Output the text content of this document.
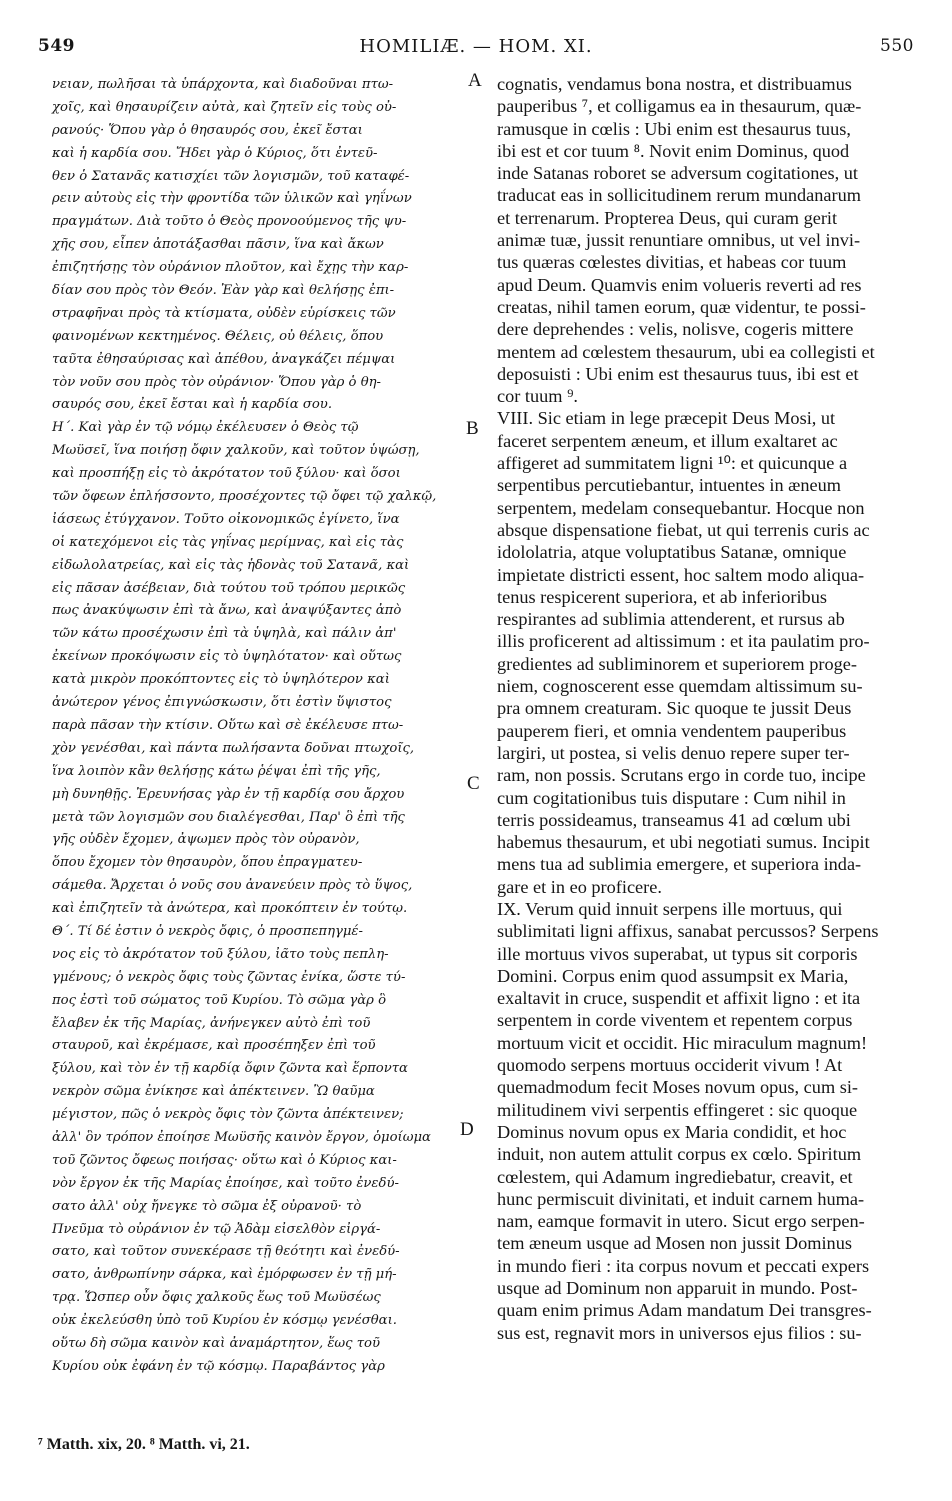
549	HOMILIÆ. — HOM. XI.	550
νειαν, πωλῆσαι τὰ ὑπάρχοντα, καὶ διαδοῦναι πτω-
χοῖς, καὶ θησαυρίζειν αὐτὰ, καὶ ζητεῖν εἰς τοὺς οὐ-
ρανούς· Ὅπου γὰρ ὁ θησαυρός σου, ἐκεῖ ἔσται
καὶ ἡ καρδία σου. Ἤδει γὰρ ὁ Κύριος, ὅτι ἐντεῦ-
θεν ὁ Σατανᾶς κατισχίει τῶν λογισμῶν, τοῦ καταφέ-
ρειν αὐτοὺς εἰς τὴν φροντίδα τῶν ὑλικῶν καὶ γηΐνων
πραγμάτων. Διὰ τοῦτο ὁ Θεὸς προνοούμενος τῆς ψυ-
χῆς σου, εἶπεν ἀποτάξασθαι πᾶσιν, ἵνα καὶ ἄκων
ἐπιζητήσῃς τὸν οὐράνιον πλοῦτον, καὶ ἔχῃς τὴν καρ-
δίαν σου πρὸς τὸν Θεόν. Ἐὰν γὰρ καὶ θελήσῃς ἐπι-
στραφῆναι πρὸς τὰ κτίσματα, οὐδὲν εὑρίσκεις τῶν
φαινομένων κεκτημένος. Θέλεις, οὐ θέλεις, ὅπου
ταῦτα ἐθησαύρισας καὶ ἀπέθου, ἀναγκάζει πέμψαι
τὸν νοῦν σου πρὸς τὸν οὐράνιον· Ὅπου γὰρ ὁ θη-
σαυρός σου, ἐκεῖ ἔσται καὶ ἡ καρδία σου.
Η΄. Καὶ γὰρ ἐν τῷ νόμῳ ἐκέλευσεν ὁ Θεὸς τῷ
Μωϋσεῖ, ἵνα ποιήσῃ ὄφιν χαλκοῦν, καὶ τοῦτον ὑψώσῃ,
καὶ προσπήξῃ εἰς τὸ ἀκρότατον τοῦ ξύλου· καὶ ὅσοι
τῶν ὄφεων ἐπλήσσοντο, προσέχοντες τῷ ὄφει τῷ χαλκῷ,
ἰάσεως ἐτύγχανον. Τοῦτο οἰκονομικῶς ἐγίνετο, ἵνα
οἱ κατεχόμενοι εἰς τὰς γηΐνας μερίμνας, καὶ εἰς τὰς
εἰδωλολατρείας, καὶ εἰς τὰς ἡδονὰς τοῦ Σατανᾶ, καὶ
εἰς πᾶσαν ἀσέβειαν, διὰ τούτου τοῦ τρόπου μερικῶς
πως ἀνακύψωσιν ἐπὶ τὰ ἄνω, καὶ ἀναψύξαντες ἀπὸ
τῶν κάτω προσέχωσιν ἐπὶ τὰ ὑψηλὰ, καὶ πάλιν ἀπ'
ἐκείνων προκόψωσιν εἰς τὸ ὑψηλότατον· καὶ οὕτως
κατὰ μικρὸν προκόπτοντες εἰς τὸ ὑψηλότερον καὶ
ἀνώτερον γένος ἐπιγνώσκωσιν, ὅτι ἐστὶν ὕψιστος
παρὰ πᾶσαν τὴν κτίσιν. Οὕτω καὶ σὲ ἐκέλευσε πτω-
χὸν γενέσθαι, καὶ πάντα πωλήσαντα δοῦναι πτωχοῖς,
ἵνα λοιπὸν κἂν θελήσῃς κάτω ῥέψαι ἐπὶ τῆς γῆς,
μὴ δυνηθῇς. Ἐρευνήσας γὰρ ἐν τῇ καρδίᾳ σου ἄρχου
μετὰ τῶν λογισμῶν σου διαλέγεσθαι, Παρ' ὃ ἐπὶ τῆς
γῆς οὐδὲν ἔχομεν, ἀψωμεν πρὸς τὸν οὐρανὸν,
ὅπου ἔχομεν τὸν θησαυρὸν, ὅπου ἐπραγματευ-
σάμεθα. Ἄρχεται ὁ νοῦς σου ἀνανεύειν πρὸς τὸ ὕψος,
καὶ ἐπιζητεῖν τὰ ἀνώτερα, καὶ προκόπτειν ἐν τούτῳ.
Θ΄. Τί δέ ἐστιν ὁ νεκρὸς ὄφις, ὁ προσπεπηγμέ-
νος εἰς τὸ ἀκρότατον τοῦ ξύλου, ἰᾶτο τοὺς πεπλη-
γμένους; ὁ νεκρὸς ὄφις τοὺς ζῶντας ἐνίκα, ὥστε τύ-
πος ἐστὶ τοῦ σώματος τοῦ Κυρίου. Τὸ σῶμα γὰρ ὃ
ἔλαβεν ἐκ τῆς Μαρίας, ἀνήνεγκεν αὐτὸ ἐπὶ τοῦ
σταυροῦ, καὶ ἐκρέμασε, καὶ προσέπηξεν ἐπὶ τοῦ
ξύλου, καὶ τὸν ἐν τῇ καρδίᾳ ὄφιν ζῶντα καὶ ἕρποντα
νεκρὸν σῶμα ἐνίκησε καὶ ἀπέκτεινεν. Ὢ θαῦμα
μέγιστον, πῶς ὁ νεκρὸς ὄφις τὸν ζῶντα ἀπέκτεινεν;
ἀλλ' ὃν τρόπον ἐποίησε Μωϋσῆς καινὸν ἔργον, ὁμοίωμα
τοῦ ζῶντος ὄφεως ποιήσας· οὕτω καὶ ὁ Κύριος και-
νὸν ἔργον ἐκ τῆς Μαρίας ἐποίησε, καὶ τοῦτο ἐνεδύ-
σατο ἀλλ' οὐχ ἤνεγκε τὸ σῶμα ἐξ οὐρανοῦ· τὸ
Πνεῦμα τὸ οὐράνιον ἐν τῷ Ἀδὰμ εἰσελθὸν εἰργά-
σατο, καὶ τοῦτον συνεκέρασε τῇ θεότητι καὶ ἐνεδύ-
σατο, ἀνθρωπίνην σάρκα, καὶ ἐμόρφωσεν ἐν τῇ μή-
τρᾳ. Ὥσπερ οὖν ὄφις χαλκοῦς ἕως τοῦ Μωϋσέως
οὐκ ἐκελεύσθη ὑπὸ τοῦ Κυρίου ἐν κόσμῳ γενέσθαι.
οὕτω δὴ σῶμα καινὸν καὶ ἀναμάρτητον, ἕως τοῦ
Κυρίου οὐκ ἐφάνη ἐν τῷ κόσμῳ. Παραβάντος γὰρ
A
B
C
D
cognatis, vendamus bona nostra, et distribuamus
pauperibus ⁷, et colligamus ea in thesaurum, quæ-
ramusque in cœlis : Ubi enim est thesaurus tuus,
ibi est et cor tuum ⁸. Novit enim Dominus, quod
inde Satanas roboret se adversum cogitationes, ut
traducat eas in sollicitudinem rerum mundanarum
et terrenarum. Propterea Deus, qui curam gerit
animæ tuæ, jussit renuntiare omnibus, ut vel invi-
tus quæras cœlestes divitias, et habeas cor tuum
apud Deum. Quamvis enim volueris reverti ad res
creatas, nihil tamen eorum, quæ videntur, te possi-
dere deprehendes : velis, nolisve, cogeris mittere
mentem ad cœlestem thesaurum, ubi ea collegisti et
deposuisti : Ubi enim est thesaurus tuus, ibi est et
cor tuum ⁹.
VIII. Sic etiam in lege præcepit Deus Mosi, ut
faceret serpentem æneum, et illum exaltaret ac
affigeret ad summitatem ligni ¹⁰: et quicunque a
serpentibus percutiebantur, intuentes in æneum
serpentem, medelam consequebantur. Hocque non
absque dispensatione fiebat, ut qui terrenis curis ac
idololatria, atque voluptatibus Satanæ, omnique
impietate districti essent, hoc saltem modo aliqua-
tenus respicerent superiora, et ab inferioribus
respirantes ad sublimia attenderent, et rursus ab
illis proficerent ad altissimum : et ita paulatim pro-
gredientes ad subliminorem et superiorem proge-
niem, cognoscerent esse quemdam altissimum su-
pra omnem creaturam. Sic quoque te jussit Deus
pauperem fieri, et omnia vendentem pauperibus
largiri, ut postea, si velis denuo repere super ter-
ram, non possis. Scrutans ergo in corde tuo, incipe
cum cogitationibus tuis disputare : Cum nihil in
terris possideamus, transeamus 41 ad cœlum ubi
habemus thesaurum, et ubi negotiati sumus. Incipit
mens tua ad sublimia emergere, et superiora inda-
gare et in eo proficere.
IX. Verum quid innuit serpens ille mortuus, qui
sublimitati ligni affixus, sanabat percussos? Serpens
ille mortuus vivos superabat, ut typus sit corporis
Domini. Corpus enim quod assumpsit ex Maria,
exaltavit in cruce, suspendit et affixit ligno : et ita
serpentem in corde viventem et repentem corpus
mortuum vicit et occidit. Hic miraculum magnum!
quomodo serpens mortuus occiderit vivum ! At
quemadmodum fecit Moses novum opus, cum si-
militudinem vivi serpentis effingeret : sic quoque
Dominus novum opus ex Maria condidit, et hoc
induit, non autem attulit corpus ex cœlo. Spiritum
cœlestem, qui Adamum ingrediebatur, creavit, et
hunc permiscuit divinitati, et induit carnem huma-
nam, eamque formavit in utero. Sicut ergo serpen-
tem æneum usque ad Mosen non jussit Dominus
in mundo fieri : ita corpus novum et peccati expers
usque ad Dominum non apparuit in mundo. Post-
quam enim primus Adam mandatum Dei transgres-
sus est, regnavit mors in universos ejus filios : su-
⁷ Matth. xix, 20. ⁸ Matth. vi, 21.
